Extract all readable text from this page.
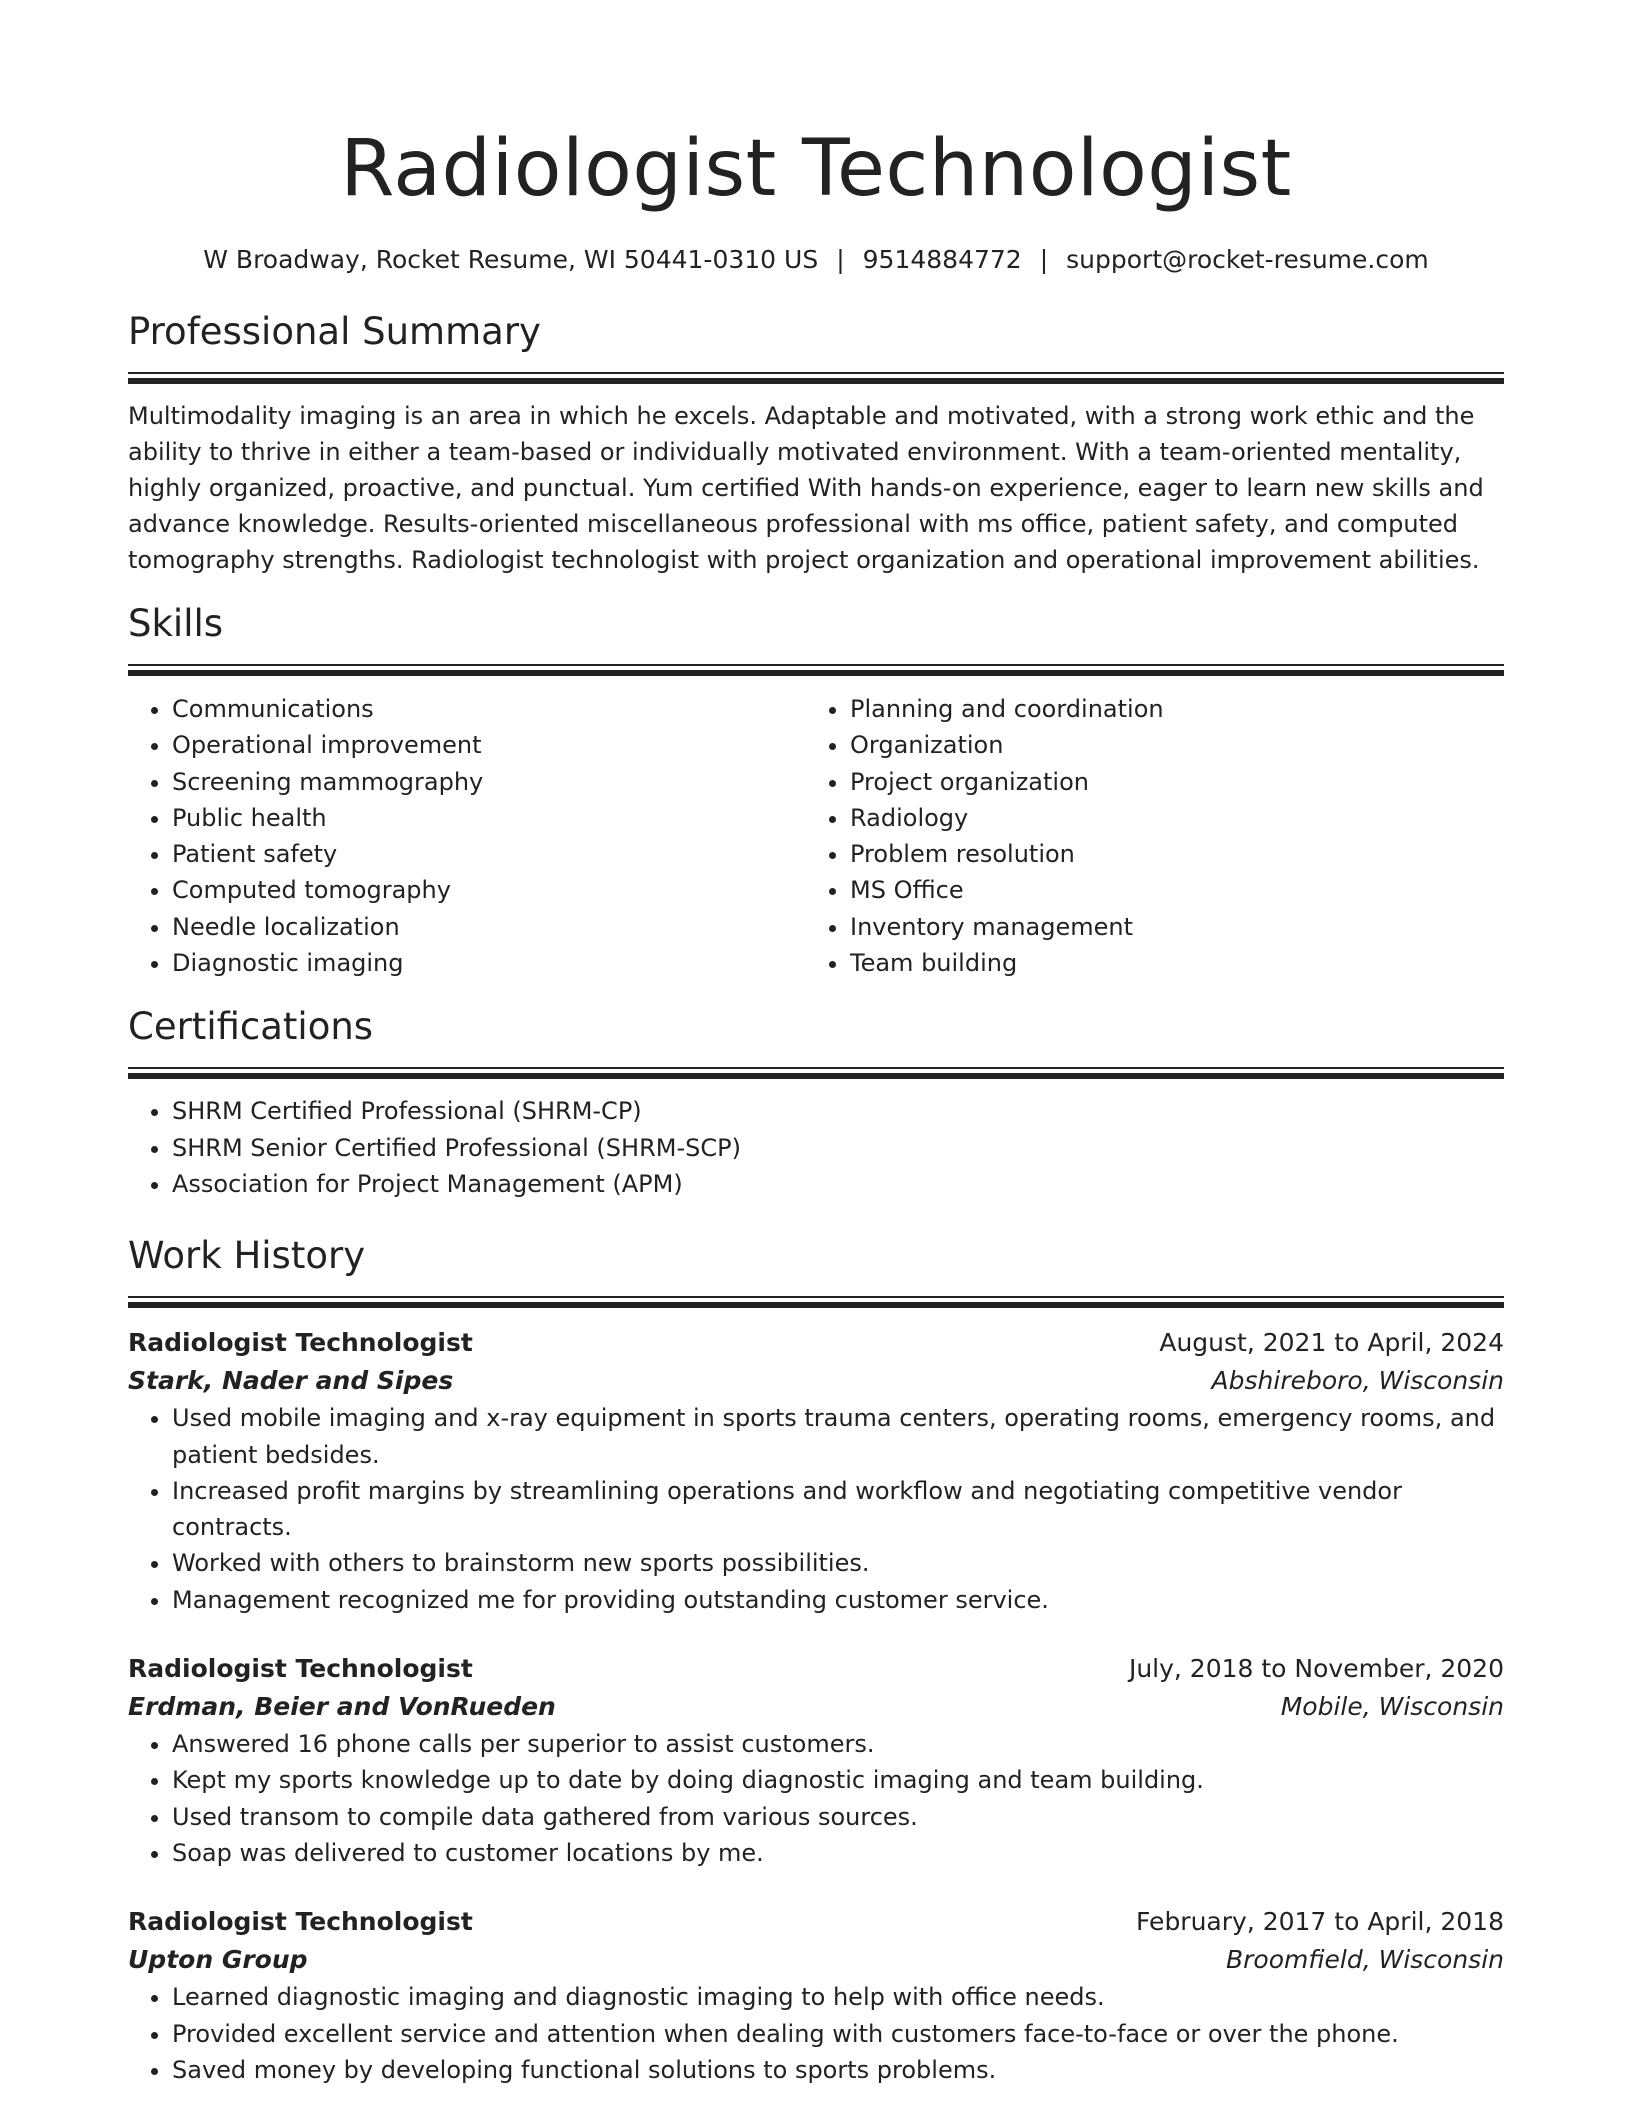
Radiologist Technologist
W Broadway, Rocket Resume, WI 50441-0310 US | 9514884772 | support@rocket-resume.com
Professional Summary
Multimodality imaging is an area in which he excels. Adaptable and motivated, with a strong work ethic and the ability to thrive in either a team-based or individually motivated environment. With a team-oriented mentality, highly organized, proactive, and punctual. Yum certified With hands-on experience, eager to learn new skills and advance knowledge. Results-oriented miscellaneous professional with ms office, patient safety, and computed tomography strengths. Radiologist technologist with project organization and operational improvement abilities.
Skills
• Communications
• Operational improvement
• Screening mammography
• Public health
• Patient safety
• Computed tomography
• Needle localization
• Diagnostic imaging
• Planning and coordination
• Organization
• Project organization
• Radiology
• Problem resolution
• MS Office
• Inventory management
• Team building
Certifications
• SHRM Certified Professional (SHRM-CP)
• SHRM Senior Certified Professional (SHRM-SCP)
• Association for Project Management (APM)
Work History
Radiologist Technologist	August, 2021 to April, 2024
Stark, Nader and Sipes	Abshireboro, Wisconsin
• Used mobile imaging and x-ray equipment in sports trauma centers, operating rooms, emergency rooms, and patient bedsides.
• Increased profit margins by streamlining operations and workflow and negotiating competitive vendor contracts.
• Worked with others to brainstorm new sports possibilities.
• Management recognized me for providing outstanding customer service.
Radiologist Technologist	July, 2018 to November, 2020
Erdman, Beier and VonRueden	Mobile, Wisconsin
• Answered 16 phone calls per superior to assist customers.
• Kept my sports knowledge up to date by doing diagnostic imaging and team building.
• Used transom to compile data gathered from various sources.
• Soap was delivered to customer locations by me.
Radiologist Technologist	February, 2017 to April, 2018
Upton Group	Broomfield, Wisconsin
• Learned diagnostic imaging and diagnostic imaging to help with office needs.
• Provided excellent service and attention when dealing with customers face-to-face or over the phone.
• Saved money by developing functional solutions to sports problems.
